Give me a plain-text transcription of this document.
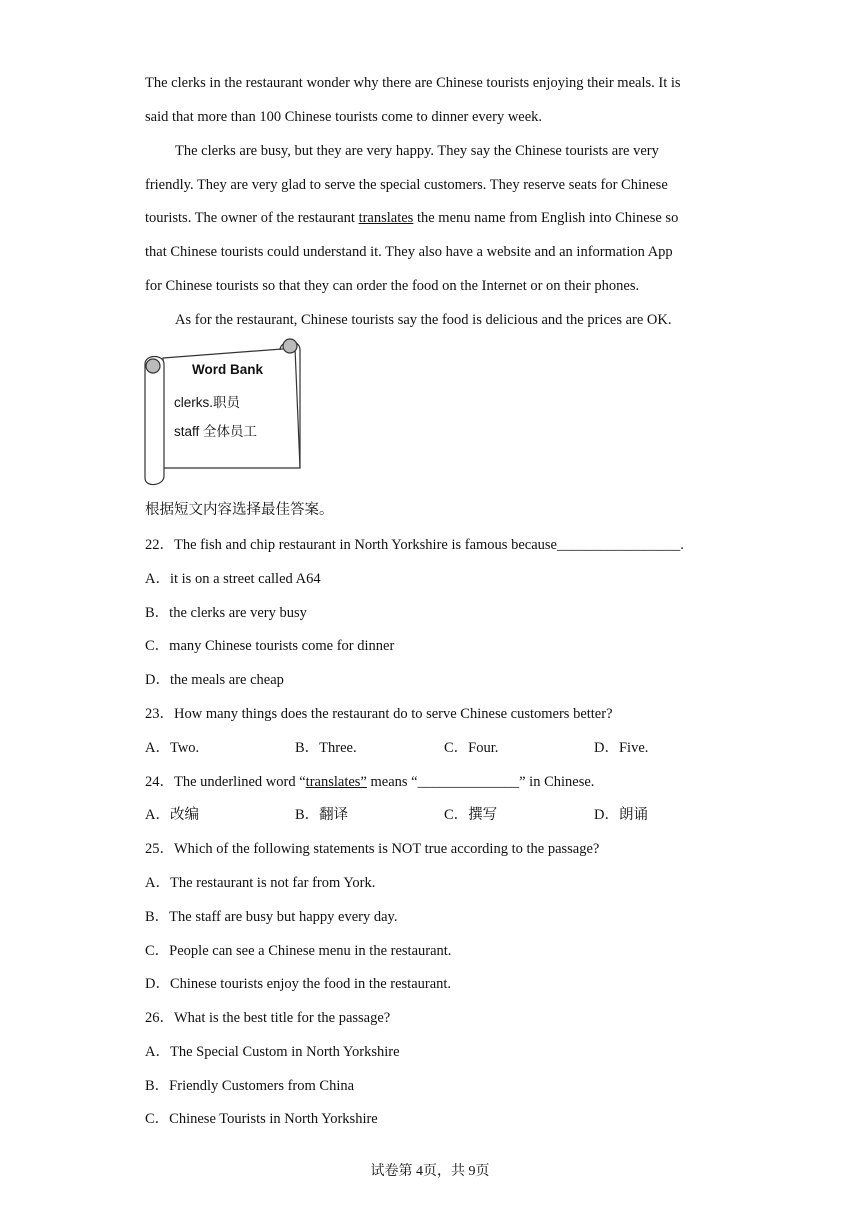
The clerks in the restaurant wonder why there are Chinese tourists enjoying their meals. It is
said that more than 100 Chinese tourists come to dinner every week.
The clerks are busy, but they are very happy. They say the Chinese tourists are very
friendly. They are very glad to serve the special customers. They reserve seats for Chinese
tourists. The owner of the restaurant translates the menu name from English into Chinese so
that Chinese tourists could understand it. They also have a website and an information App
for Chinese tourists so that they can order the food on the Internet or on their phones.
As for the restaurant, Chinese tourists say the food is delicious and the prices are OK.
Word Bank
clerks.职员
staff 全体员工
根据短文内容选择最佳答案。
22．The fish and chip restaurant in North Yorkshire is famous because_________________.
A．it is on a street called A64
B．the clerks are very busy
C．many Chinese tourists come for dinner
D．the meals are cheap
23．How many things does the restaurant do to serve Chinese customers better?
A．Two.	B．Three.	C．Four.	D．Five.
24．The underlined word “translates” means “______________” in Chinese.
A．改编	B．翻译	C．撰写	D．朗诵
25．Which of the following statements is NOT true according to the passage?
A．The restaurant is not far from York.
B．The staff are busy but happy every day.
C．People can see a Chinese menu in the restaurant.
D．Chinese tourists enjoy the food in the restaurant.
26．What is the best title for the passage?
A．The Special Custom in North Yorkshire
B．Friendly Customers from China
C．Chinese Tourists in North Yorkshire
试卷第 4页，共 9页
